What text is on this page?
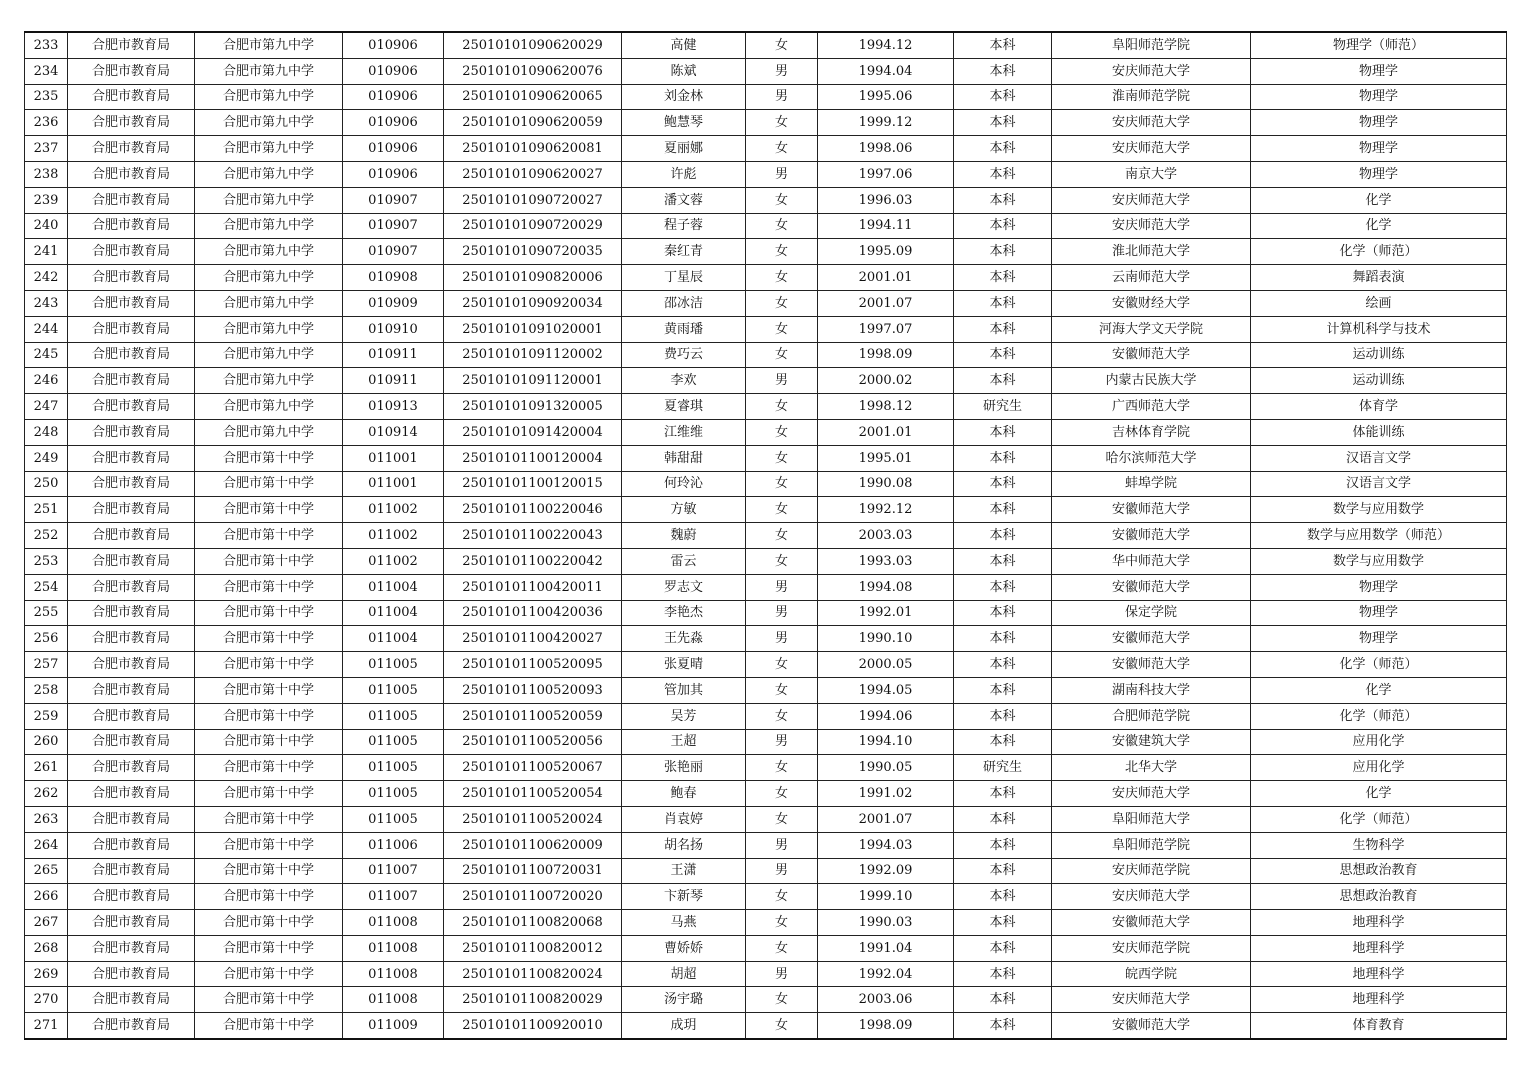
233	合肥市教育局	合肥市第九中学	010906	25010101090620029	高健	女	1994.12	本科	阜阳师范学院	物理学（师范）
234	合肥市教育局	合肥市第九中学	010906	25010101090620076	陈斌	男	1994.04	本科	安庆师范大学	物理学
235	合肥市教育局	合肥市第九中学	010906	25010101090620065	刘金林	男	1995.06	本科	淮南师范学院	物理学
236	合肥市教育局	合肥市第九中学	010906	25010101090620059	鲍慧琴	女	1999.12	本科	安庆师范大学	物理学
237	合肥市教育局	合肥市第九中学	010906	25010101090620081	夏丽娜	女	1998.06	本科	安庆师范大学	物理学
238	合肥市教育局	合肥市第九中学	010906	25010101090620027	许彪	男	1997.06	本科	南京大学	物理学
239	合肥市教育局	合肥市第九中学	010907	25010101090720027	潘文蓉	女	1996.03	本科	安庆师范大学	化学
240	合肥市教育局	合肥市第九中学	010907	25010101090720029	程子蓉	女	1994.11	本科	安庆师范大学	化学
241	合肥市教育局	合肥市第九中学	010907	25010101090720035	秦红青	女	1995.09	本科	淮北师范大学	化学（师范）
242	合肥市教育局	合肥市第九中学	010908	25010101090820006	丁星辰	女	2001.01	本科	云南师范大学	舞蹈表演
243	合肥市教育局	合肥市第九中学	010909	25010101090920034	邵冰洁	女	2001.07	本科	安徽财经大学	绘画
244	合肥市教育局	合肥市第九中学	010910	25010101091020001	黄雨璠	女	1997.07	本科	河海大学文天学院	计算机科学与技术
245	合肥市教育局	合肥市第九中学	010911	25010101091120002	费巧云	女	1998.09	本科	安徽师范大学	运动训练
246	合肥市教育局	合肥市第九中学	010911	25010101091120001	李欢	男	2000.02	本科	内蒙古民族大学	运动训练
247	合肥市教育局	合肥市第九中学	010913	25010101091320005	夏睿琪	女	1998.12	研究生	广西师范大学	体育学
248	合肥市教育局	合肥市第九中学	010914	25010101091420004	江维维	女	2001.01	本科	吉林体育学院	体能训练
249	合肥市教育局	合肥市第十中学	011001	25010101100120004	韩甜甜	女	1995.01	本科	哈尔滨师范大学	汉语言文学
250	合肥市教育局	合肥市第十中学	011001	25010101100120015	何玲沁	女	1990.08	本科	蚌埠学院	汉语言文学
251	合肥市教育局	合肥市第十中学	011002	25010101100220046	方敏	女	1992.12	本科	安徽师范大学	数学与应用数学
252	合肥市教育局	合肥市第十中学	011002	25010101100220043	魏蔚	女	2003.03	本科	安徽师范大学	数学与应用数学（师范）
253	合肥市教育局	合肥市第十中学	011002	25010101100220042	雷云	女	1993.03	本科	华中师范大学	数学与应用数学
254	合肥市教育局	合肥市第十中学	011004	25010101100420011	罗志文	男	1994.08	本科	安徽师范大学	物理学
255	合肥市教育局	合肥市第十中学	011004	25010101100420036	李艳杰	男	1992.01	本科	保定学院	物理学
256	合肥市教育局	合肥市第十中学	011004	25010101100420027	王先淼	男	1990.10	本科	安徽师范大学	物理学
257	合肥市教育局	合肥市第十中学	011005	25010101100520095	张夏晴	女	2000.05	本科	安徽师范大学	化学（师范）
258	合肥市教育局	合肥市第十中学	011005	25010101100520093	管加其	女	1994.05	本科	湖南科技大学	化学
259	合肥市教育局	合肥市第十中学	011005	25010101100520059	吴芳	女	1994.06	本科	合肥师范学院	化学（师范）
260	合肥市教育局	合肥市第十中学	011005	25010101100520056	王超	男	1994.10	本科	安徽建筑大学	应用化学
261	合肥市教育局	合肥市第十中学	011005	25010101100520067	张艳丽	女	1990.05	研究生	北华大学	应用化学
262	合肥市教育局	合肥市第十中学	011005	25010101100520054	鲍春	女	1991.02	本科	安庆师范大学	化学
263	合肥市教育局	合肥市第十中学	011005	25010101100520024	肖袁婷	女	2001.07	本科	阜阳师范大学	化学（师范）
264	合肥市教育局	合肥市第十中学	011006	25010101100620009	胡名扬	男	1994.03	本科	阜阳师范学院	生物科学
265	合肥市教育局	合肥市第十中学	011007	25010101100720031	王潇	男	1992.09	本科	安庆师范学院	思想政治教育
266	合肥市教育局	合肥市第十中学	011007	25010101100720020	卞新琴	女	1999.10	本科	安庆师范大学	思想政治教育
267	合肥市教育局	合肥市第十中学	011008	25010101100820068	马燕	女	1990.03	本科	安徽师范大学	地理科学
268	合肥市教育局	合肥市第十中学	011008	25010101100820012	曹娇娇	女	1991.04	本科	安庆师范学院	地理科学
269	合肥市教育局	合肥市第十中学	011008	25010101100820024	胡超	男	1992.04	本科	皖西学院	地理科学
270	合肥市教育局	合肥市第十中学	011008	25010101100820029	汤宇璐	女	2003.06	本科	安庆师范大学	地理科学
271	合肥市教育局	合肥市第十中学	011009	25010101100920010	成玥	女	1998.09	本科	安徽师范大学	体育教育
